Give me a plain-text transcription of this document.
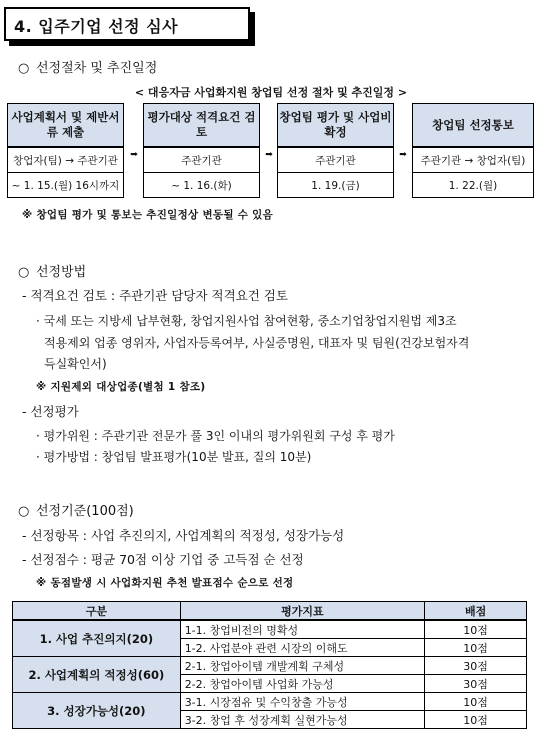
4. 입주기업 선정 심사
○ 선정절차 및 추진일정
< 대응자금 사업화지원 창업팀 선정 절차 및 추진일정 >
사업계획서 및 제반서류 제출
창업자(팀) → 주관기관
~ 1. 15.(월) 16시까지
➡
평가대상 적격요건 검토
주관기관
~ 1. 16.(화)
➡
창업팀 평가 및 사업비 확정
주관기관
1. 19.(금)
➡
창업팀 선정통보
주관기관 → 창업자(팀)
1. 22.(월)
※ 창업팀 평가 및 통보는 추진일정상 변동될 수 있음
○ 선정방법
- 적격요건 검토 : 주관기관 담당자 적격요건 검토
· 국세 또는 지방세 납부현황, 창업지원사업 참여현황, 중소기업창업지원법 제3조
적용제외 업종 영위자, 사업자등록여부, 사실증명원, 대표자 및 팀원(건강보험자격
득실확인서)
※ 지원제외 대상업종(별첨 1 참조)
- 선정평가
· 평가위원 : 주관기관 전문가 풀 3인 이내의 평가위원회 구성 후 평가
· 평가방법 : 창업팀 발표평가(10분 발표, 질의 10분)
○ 선정기준(100점)
- 선정항목 : 사업 추진의지, 사업계획의 적정성, 성장가능성
- 선정점수 : 평균 70점 이상 기업 중 고득점 순 선정
※ 동점발생 시 사업화지원 추천 발표점수 순으로 선정
구분	평가지표	배점
1. 사업 추진의지(20)	1-1. 창업비전의 명확성	10점
	1-2. 사업분야 관련 시장의 이해도	10점
2. 사업계획의 적정성(60)	2-1. 창업아이템 개발계획 구체성	30점
	2-2. 창업아이템 사업화 가능성	30점
3. 성장가능성(20)	3-1. 시장점유 및 수익창출 가능성	10점
	3-2. 창업 후 성장계획 실현가능성	10점
